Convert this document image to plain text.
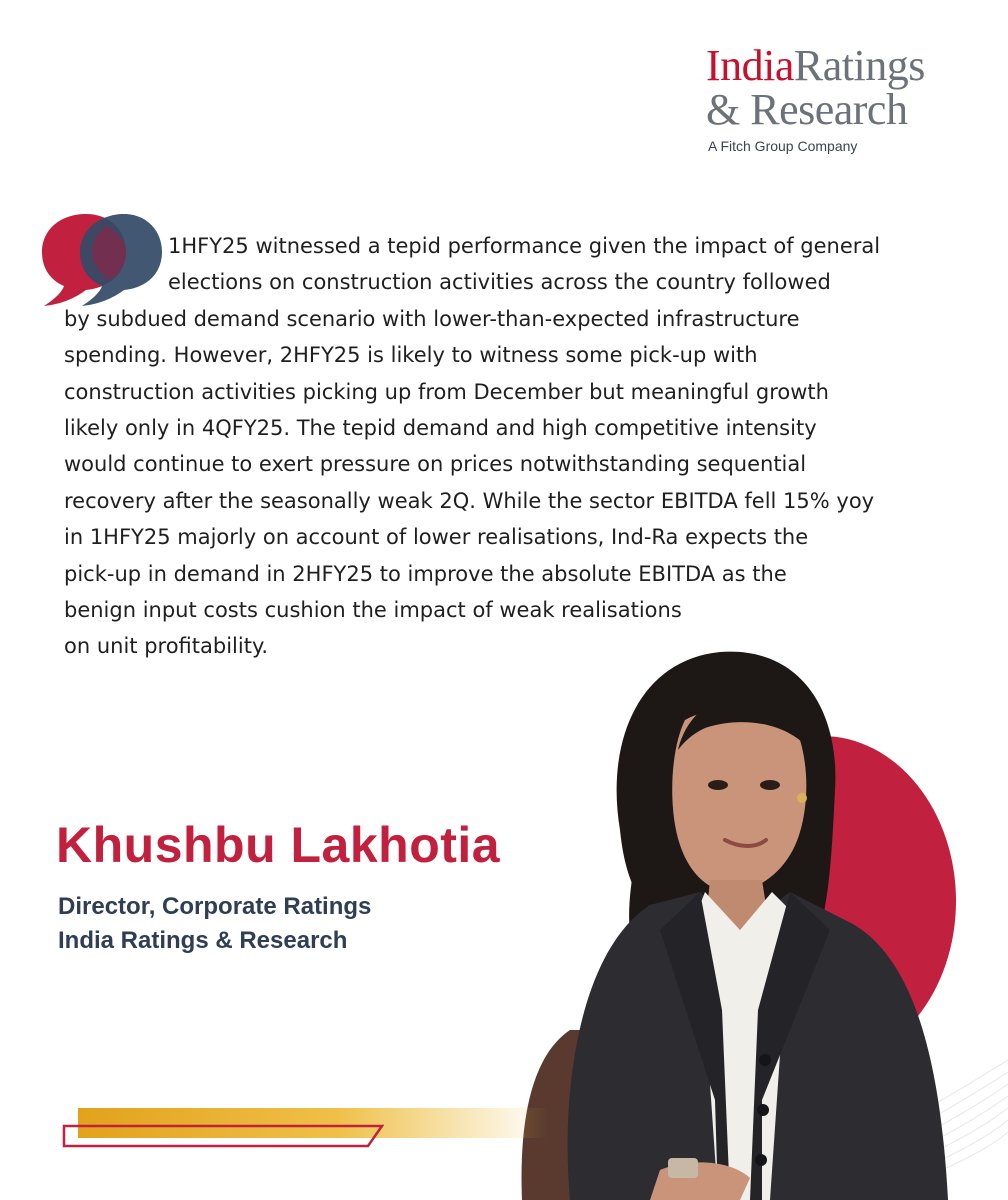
IndiaRatings
& Research
A Fitch Group Company
1HFY25 witnessed a tepid performance given the impact of general
elections on construction activities across the country followed
by subdued demand scenario with lower-than-expected infrastructure
spending. However, 2HFY25 is likely to witness some pick-up with
construction activities picking up from December but meaningful growth
likely only in 4QFY25. The tepid demand and high competitive intensity
would continue to exert pressure on prices notwithstanding sequential
recovery after the seasonally weak 2Q. While the sector EBITDA fell 15% yoy
in 1HFY25 majorly on account of lower realisations, Ind-Ra expects the
pick-up in demand in 2HFY25 to improve the absolute EBITDA as the
benign input costs cushion the impact of weak realisations
on unit profitability.
Khushbu Lakhotia
Director, Corporate Ratings
India Ratings & Research
